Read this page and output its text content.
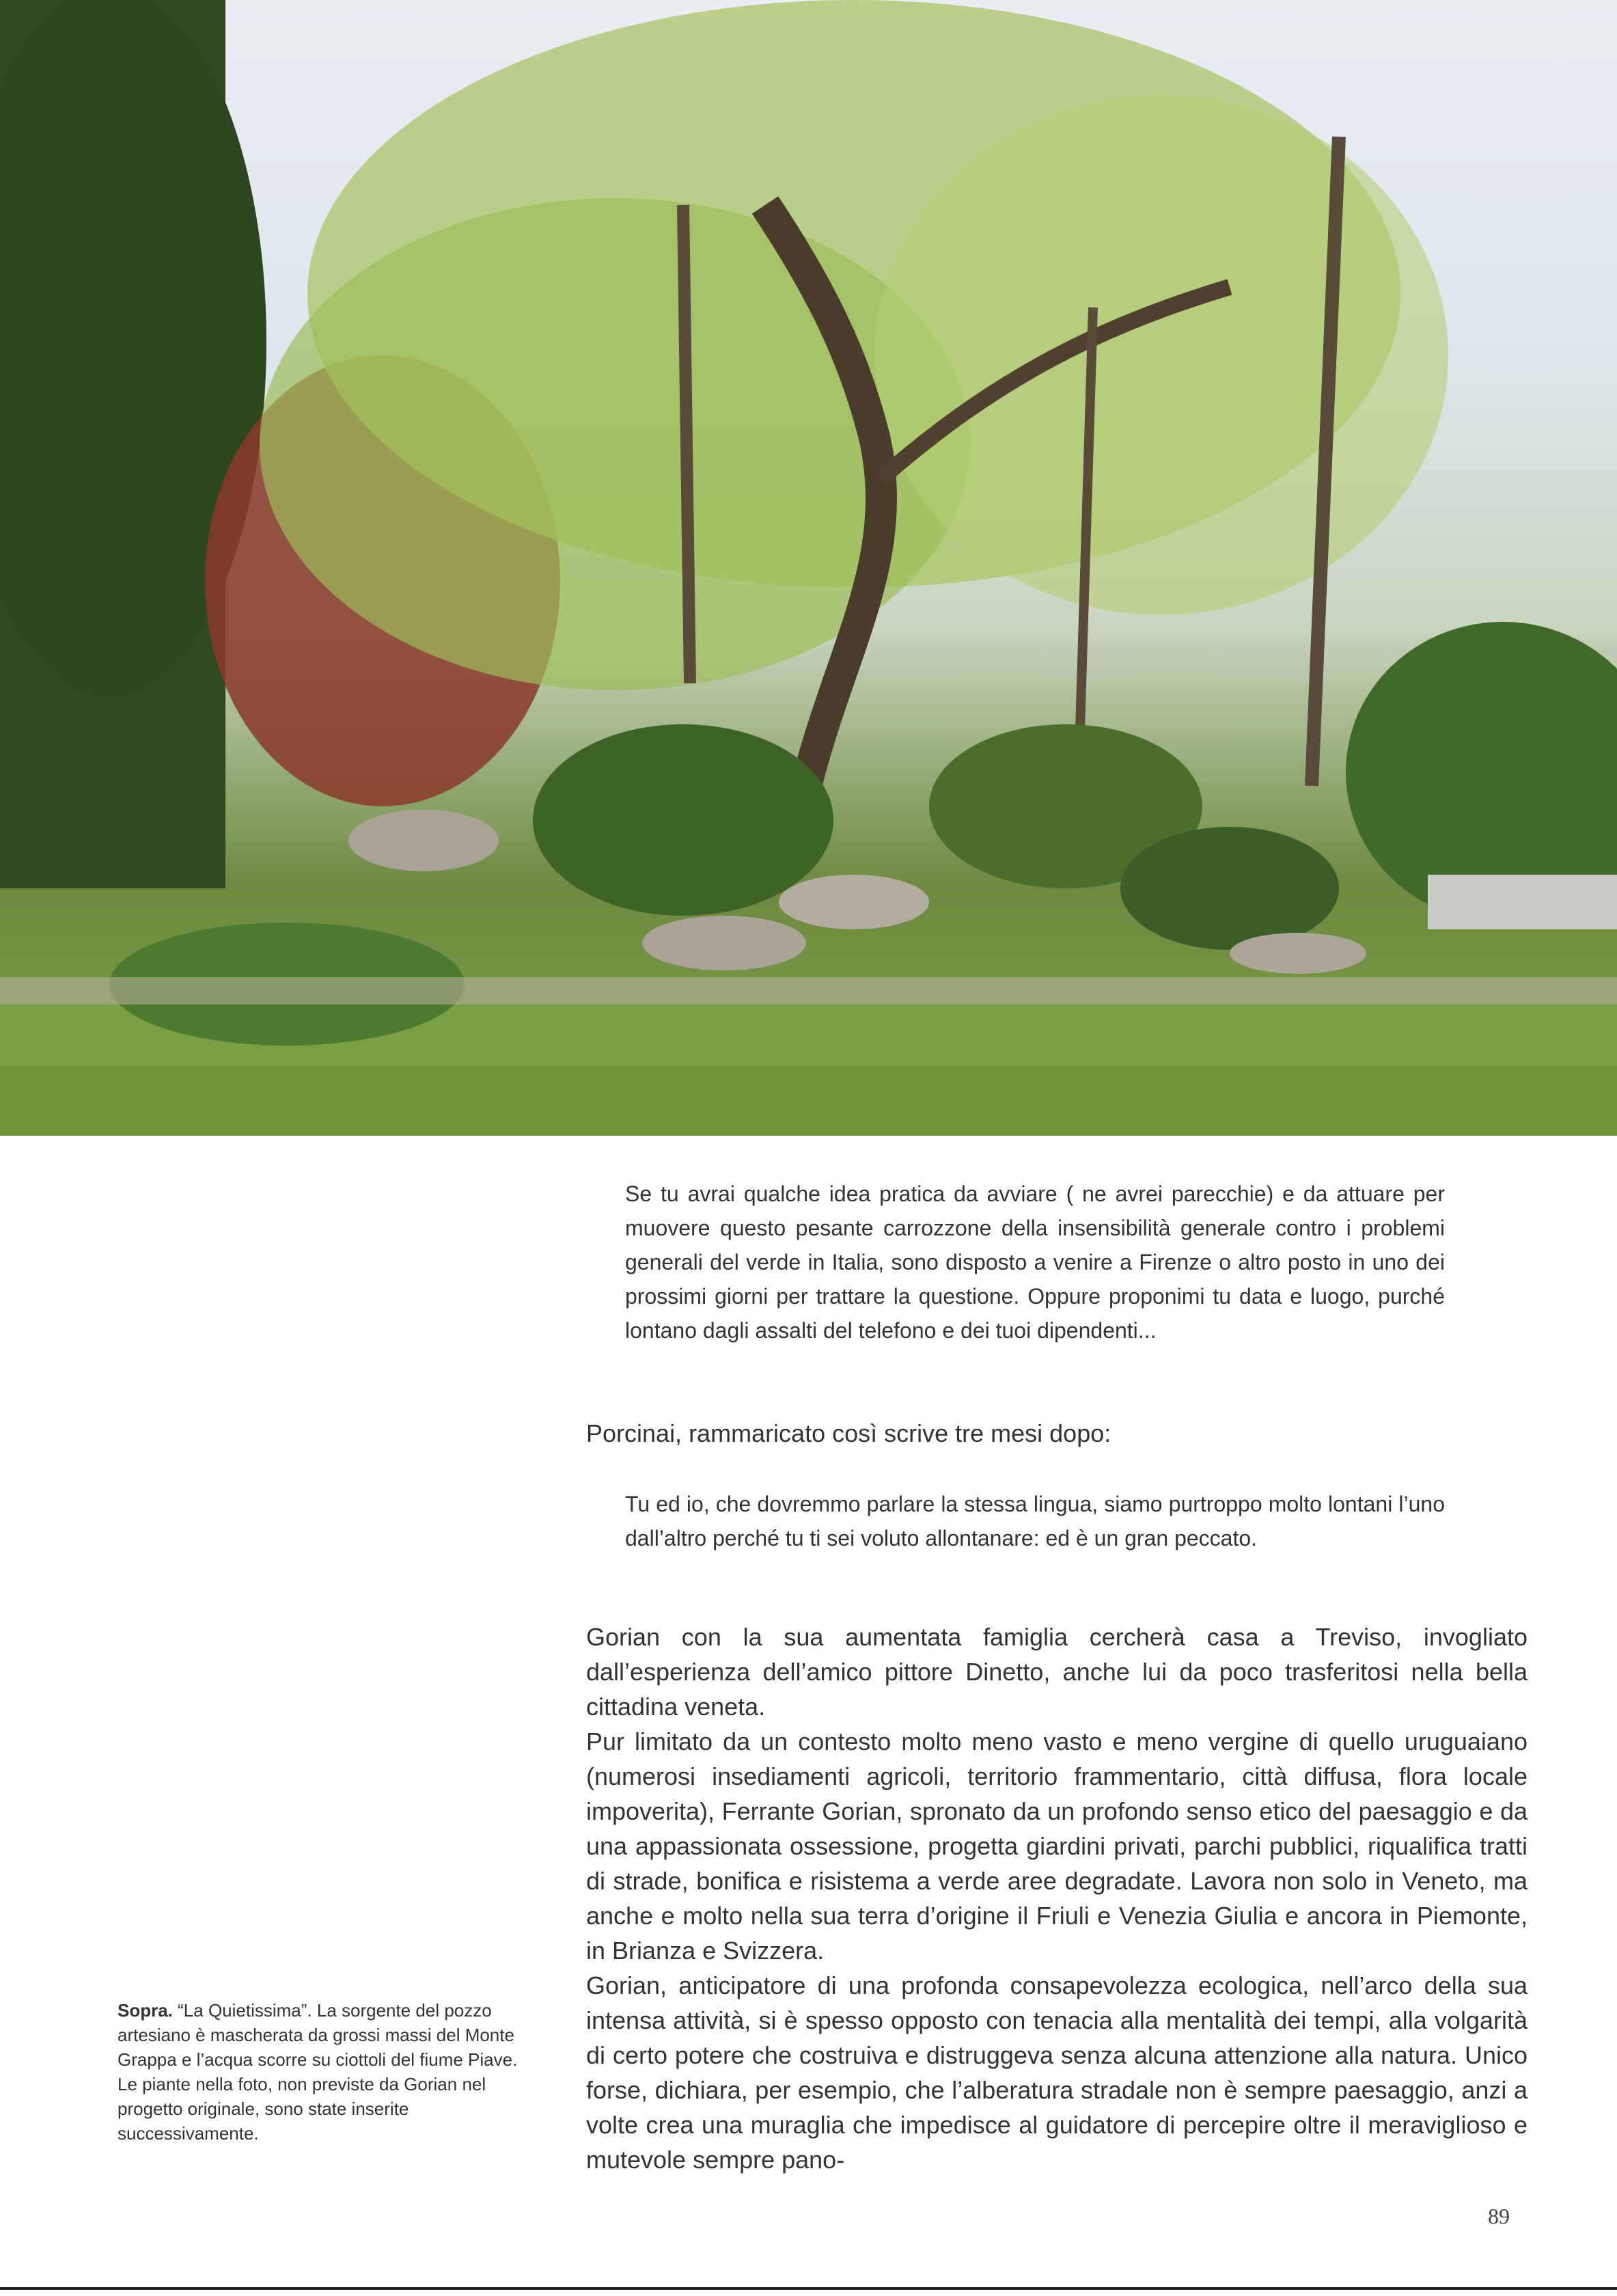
Se tu avrai qualche idea pratica da avviare ( ne avrei parecchie) e da attuare per muovere questo pesante carrozzone della insensibilità generale contro i problemi generali del verde in Italia, sono disposto a venire a Firenze o altro posto in uno dei prossimi giorni per trattare la questione. Oppure proponimi tu data e luogo, purché lontano dagli assalti del telefono e dei tuoi dipendenti...

Porcinai, rammaricato così scrive tre mesi dopo:

Tu ed io, che dovremmo parlare la stessa lingua, siamo purtroppo molto lontani l’uno dall’altro perché tu ti sei voluto allontanare: ed è un gran peccato.

Gorian con la sua aumentata famiglia cercherà casa a Treviso, invogliato dall’esperienza dell’amico pittore Dinetto, anche lui da poco trasferitosi nella bella cittadina veneta.

Pur limitato da un contesto molto meno vasto e meno vergine di quello uruguaiano (numerosi insediamenti agricoli, territorio frammentario, città diffusa, flora locale impoverita), Ferrante Gorian, spronato da un profondo senso etico del paesaggio e da una appassionata ossessione, progetta giardini privati, parchi pubblici, riqualifica tratti di strade, bonifica e risistema a verde aree degradate. Lavora non solo in Veneto, ma anche e molto nella sua terra d’origine il Friuli e Venezia Giulia e ancora in Piemonte, in Brianza e Svizzera.

Gorian, anticipatore di una profonda consapevolezza ecologica, nell’arco della sua intensa attività, si è spesso opposto con tenacia alla mentalità dei tempi, alla volgarità di certo potere che costruiva e distruggeva senza alcuna attenzione alla natura. Unico forse, dichiara, per esempio, che l’alberatura stradale non è sempre paesaggio, anzi a volte crea una muraglia che impedisce al guidatore di percepire oltre il meraviglioso e mutevole sempre pano-

Sopra. “La Quietissima”. La sorgente del pozzo artesiano è mascherata da grossi massi del Monte Grappa e l’acqua scorre su ciottoli del fiume Piave. Le piante nella foto, non previste da Gorian nel progetto originale, sono state inserite successivamente.
89
